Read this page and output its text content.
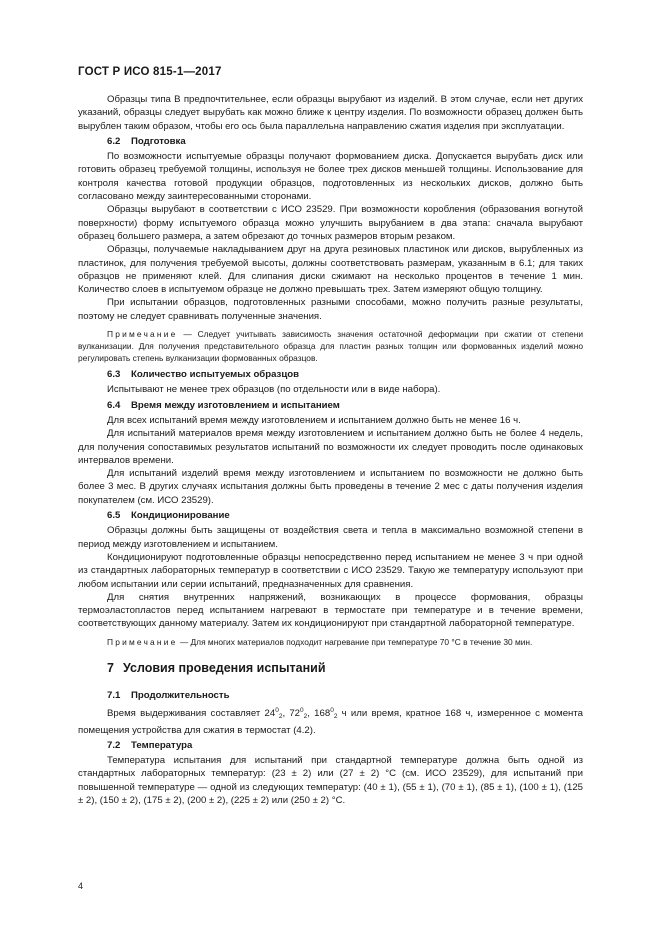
ГОСТ Р ИСО 815-1—2017

Образцы типа В предпочтительнее, если образцы вырубают из изделий. В этом случае, если нет других указаний, образцы следует вырубать как можно ближе к центру изделия. По возможности образец должен быть вырублен таким образом, чтобы его ось была параллельна направлению сжатия изделия при эксплуатации.

6.2 Подготовка

По возможности испытуемые образцы получают формованием диска. Допускается вырубать диск или готовить образец требуемой толщины, используя не более трех дисков меньшей толщины. Использование для контроля качества готовой продукции образцов, подготовленных из нескольких дисков, должно быть согласовано между заинтересованными сторонами.

Образцы вырубают в соответствии с ИСО 23529. При возможности коробления (образования вогнутой поверхности) форму испытуемого образца можно улучшить вырубанием в два этапа: сначала вырубают образец большего размера, а затем обрезают до точных размеров вторым резаком.

Образцы, получаемые накладыванием друг на друга резиновых пластинок или дисков, вырубленных из пластинок, для получения требуемой высоты, должны соответствовать размерам, указанным в 6.1; для таких образцов не применяют клей. Для слипания диски сжимают на несколько процентов в течение 1 мин. Количество слоев в испытуемом образце не должно превышать трех. Затем измеряют общую толщину.

При испытании образцов, подготовленных разными способами, можно получить разные результаты, поэтому не следует сравнивать полученные значения.

Примечание — Следует учитывать зависимость значения остаточной деформации при сжатии от степени вулканизации. Для получения представительного образца для пластин разных толщин или формованных изделий можно регулировать степень вулканизации формованных образцов.

6.3 Количество испытуемых образцов

Испытывают не менее трех образцов (по отдельности или в виде набора).

6.4 Время между изготовлением и испытанием

Для всех испытаний время между изготовлением и испытанием должно быть не менее 16 ч.

Для испытаний материалов время между изготовлением и испытанием должно быть не более 4 недель, для получения сопоставимых результатов испытаний по возможности их следует проводить после одинаковых интервалов времени.

Для испытаний изделий время между изготовлением и испытанием по возможности не должно быть более 3 мес. В других случаях испытания должны быть проведены в течение 2 мес с даты получения изделия покупателем (см. ИСО 23529).

6.5 Кондиционирование

Образцы должны быть защищены от воздействия света и тепла в максимально возможной степени в период между изготовлением и испытанием.

Кондиционируют подготовленные образцы непосредственно перед испытанием не менее 3 ч при одной из стандартных лабораторных температур в соответствии с ИСО 23529. Такую же температуру используют при любом испытании или серии испытаний, предназначенных для сравнения.

Для снятия внутренних напряжений, возникающих в процессе формования, образцы термоэластопластов перед испытанием нагревают в термостате при температуре и в течение времени, соответствующих данному материалу. Затем их кондиционируют при стандартной лабораторной температуре.

Примечание — Для многих материалов подходит нагревание при температуре 70 °С в течение 30 мин.

7 Условия проведения испытаний
7.1 Продолжительность

Время выдерживания составляет $24^0_2$, $72^0_2$, $168^0_2$ ч или время, кратное 168 ч, измеренное с момента помещения устройства для сжатия в термостат (4.2).

7.2 Температура

Температура испытания для испытаний при стандартной температуре должна быть одной из стандартных лабораторных температур: (23 ± 2) или (27 ± 2) °С (см. ИСО 23529), для испытаний при повышенной температуре — одной из следующих температур: (40 ± 1), (55 ± 1), (70 ± 1), (85 ± 1), (100 ± 1), (125 ± 2), (150 ± 2), (175 ± 2), (200 ± 2), (225 ± 2) или (250 ± 2) °С.

4
